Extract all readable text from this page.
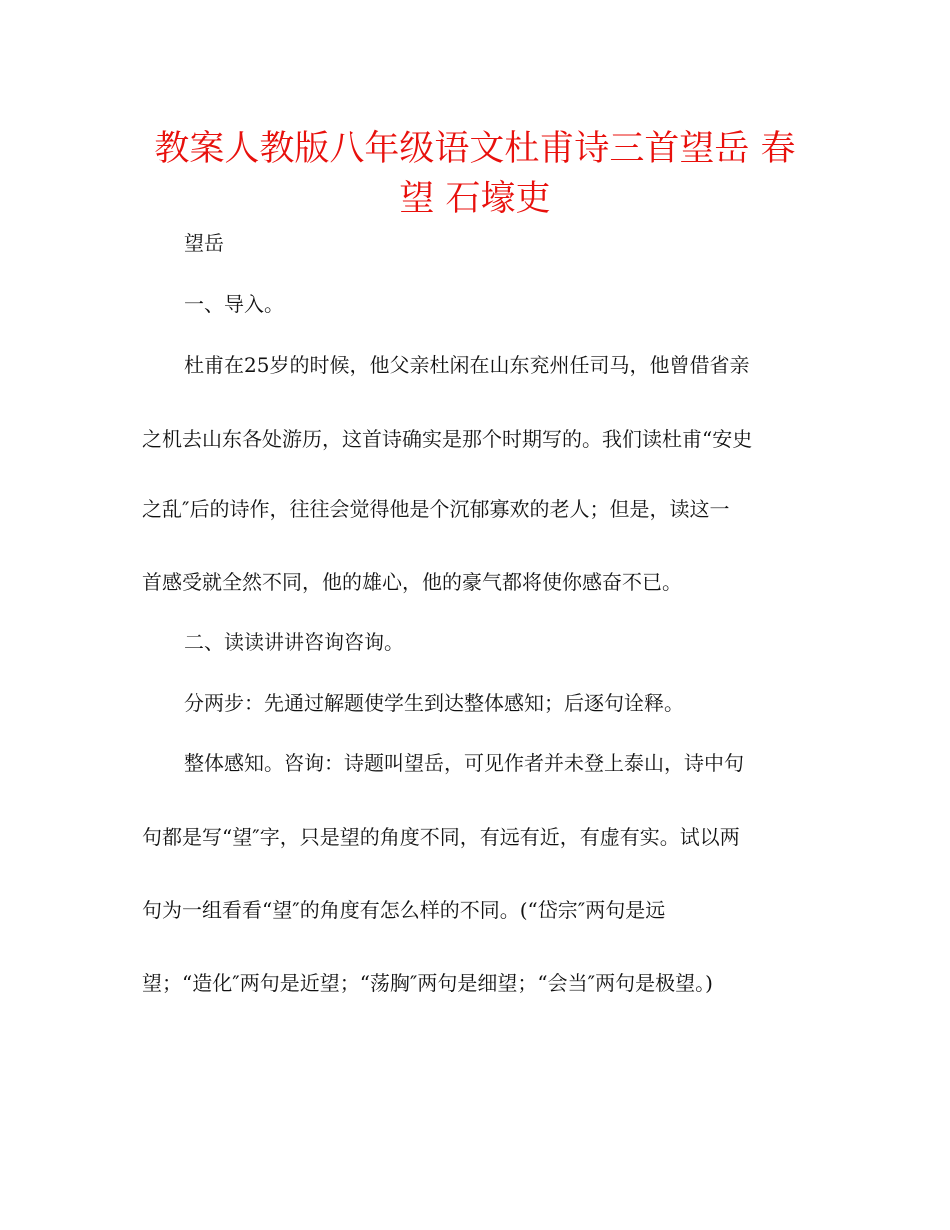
教案人教版八年级语文杜甫诗三首望岳 春望 石壕吏

望岳

一、导入。

杜甫在25岁的时候，他父亲杜闲在山东兖州任司马，他曾借省亲

之机去山东各处游历，这首诗确实是那个时期写的。我们读杜甫“安史

之乱″后的诗作，往往会觉得他是个沉郁寡欢的老人；但是，读这一

首感受就全然不同，他的雄心，他的豪气都将使你感奋不已。

二、读读讲讲咨询咨询。

分两步：先通过解题使学生到达整体感知；后逐句诠释。

整体感知。咨询：诗题叫望岳，可见作者并未登上泰山，诗中句

句都是写“望″字，只是望的角度不同，有远有近，有虚有实。试以两

句为一组看看“望″的角度有怎么样的不同。(“岱宗″两句是远

望；“造化″两句是近望；“荡胸″两句是细望；“会当″两句是极望。)
